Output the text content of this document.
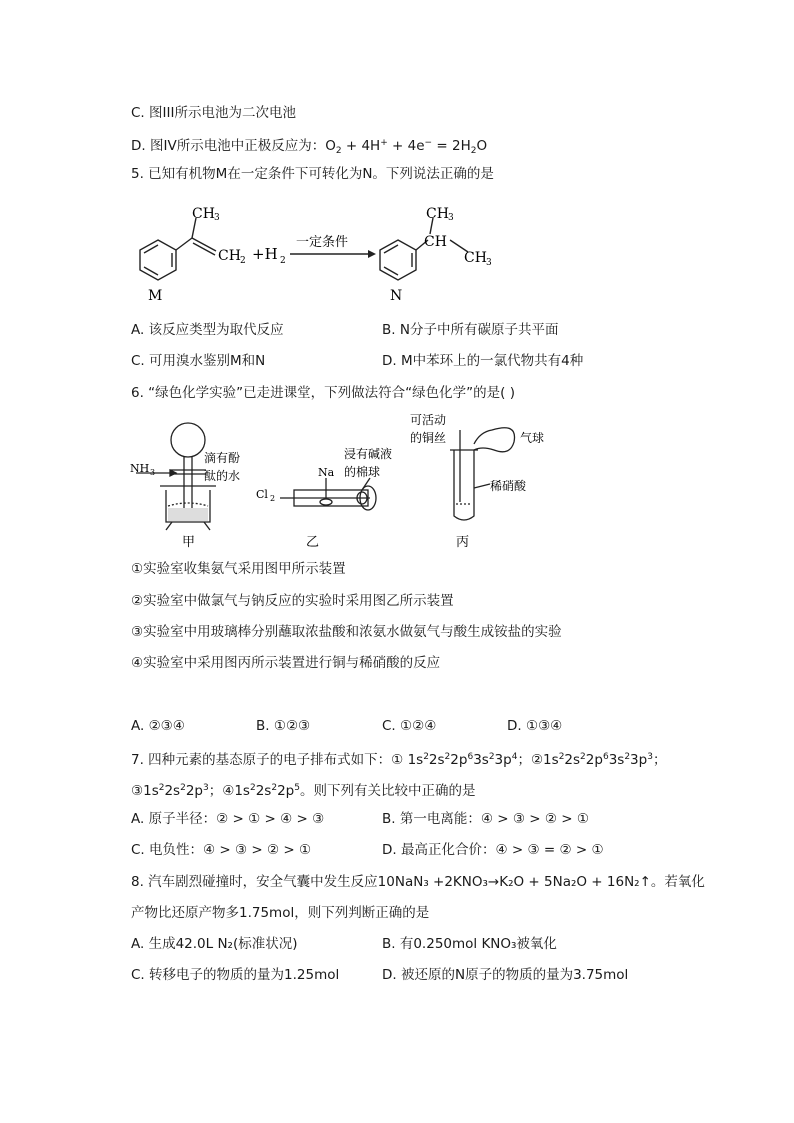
C. 图III所示电池为二次电池
D. 图IV所示电池中正极反应为：$O_2 + 4H^+ + 4e^- = 2H_2O$
5. 已知有机物M在一定条件下可转化为N。下列说法正确的是
CH 3
CH 2
M
+H 2
一定条件	CH
CH 3
CH 3
N
A. 该反应类型为取代反应	B. N分子中所有碳原子共平面
C. 可用溴水鉴别M和N	D. M中苯环上的一氯代物共有4种
6. “绿色化学实验”已走进课堂，下列做法符合“绿色化学”的是( )
NH 3
滴有酚
酞的水
Cl 2
Na
浸有碱液
的棉球
可活动
的铜丝	气球
稀硝酸
甲	乙	丙
①实验室收集氨气采用图甲所示装置
②实验室中做氯气与钠反应的实验时采用图乙所示装置
③实验室中用玻璃棒分别蘸取浓盐酸和浓氨水做氨气与酸生成铵盐的实验
④实验室中采用图丙所示装置进行铜与稀硝酸的反应
A. ②③④	B. ①②③	C. ①②④	D. ①③④
7. 四种元素的基态原子的电子排布式如下：① $1s^22s^22p^63s^23p^4$；$②1s^22s^22p^63s^23p^3$；
$③1s^22s^22p^3$；$④1s^22s^22p^5$。则下列有关比较中正确的是
A. 原子半径：② > ① > ④ > ③	B. 第一电离能：④ > ③ > ② > ①
C. 电负性：④ > ③ > ② > ①	D. 最高正化合价：④ > ③ = ② > ①
8. 汽车剧烈碰撞时，安全气囊中发生反应10NaN₃ +2KNO₃→K₂O + 5Na₂O + 16N₂↑。若氧化
产物比还原产物多1.75mol，则下列判断正确的是
A. 生成42.0L N₂(标准状况)	B. 有0.250mol KNO₃被氧化
C. 转移电子的物质的量为1.25mol	D. 被还原的N原子的物质的量为3.75mol
